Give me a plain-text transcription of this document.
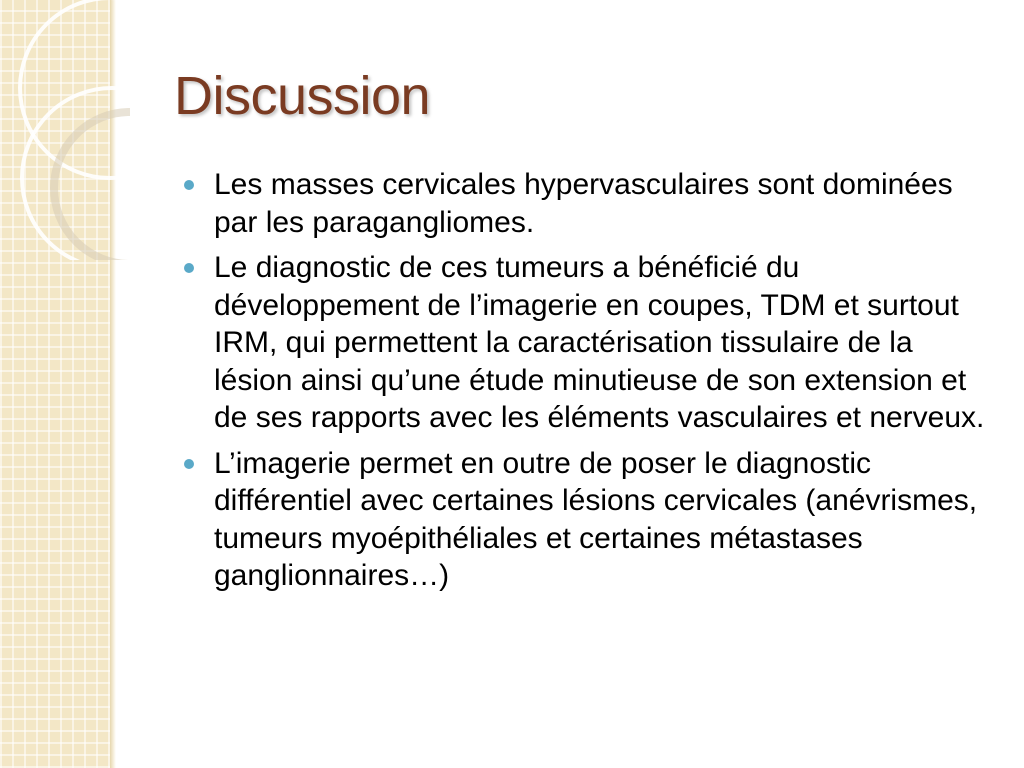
Discussion
Les masses cervicales hypervasculaires sont dominées par les paragangliomes.
Le diagnostic de ces tumeurs a bénéficié du développement de l’imagerie en coupes, TDM et surtout IRM, qui permettent la caractérisation tissulaire de la lésion ainsi qu’une étude minutieuse de son extension et de ses rapports avec les éléments vasculaires et nerveux.
L’imagerie permet en outre de poser le diagnostic différentiel avec certaines lésions cervicales (anévrismes, tumeurs myoépithéliales et certaines métastases ganglionnaires…)
